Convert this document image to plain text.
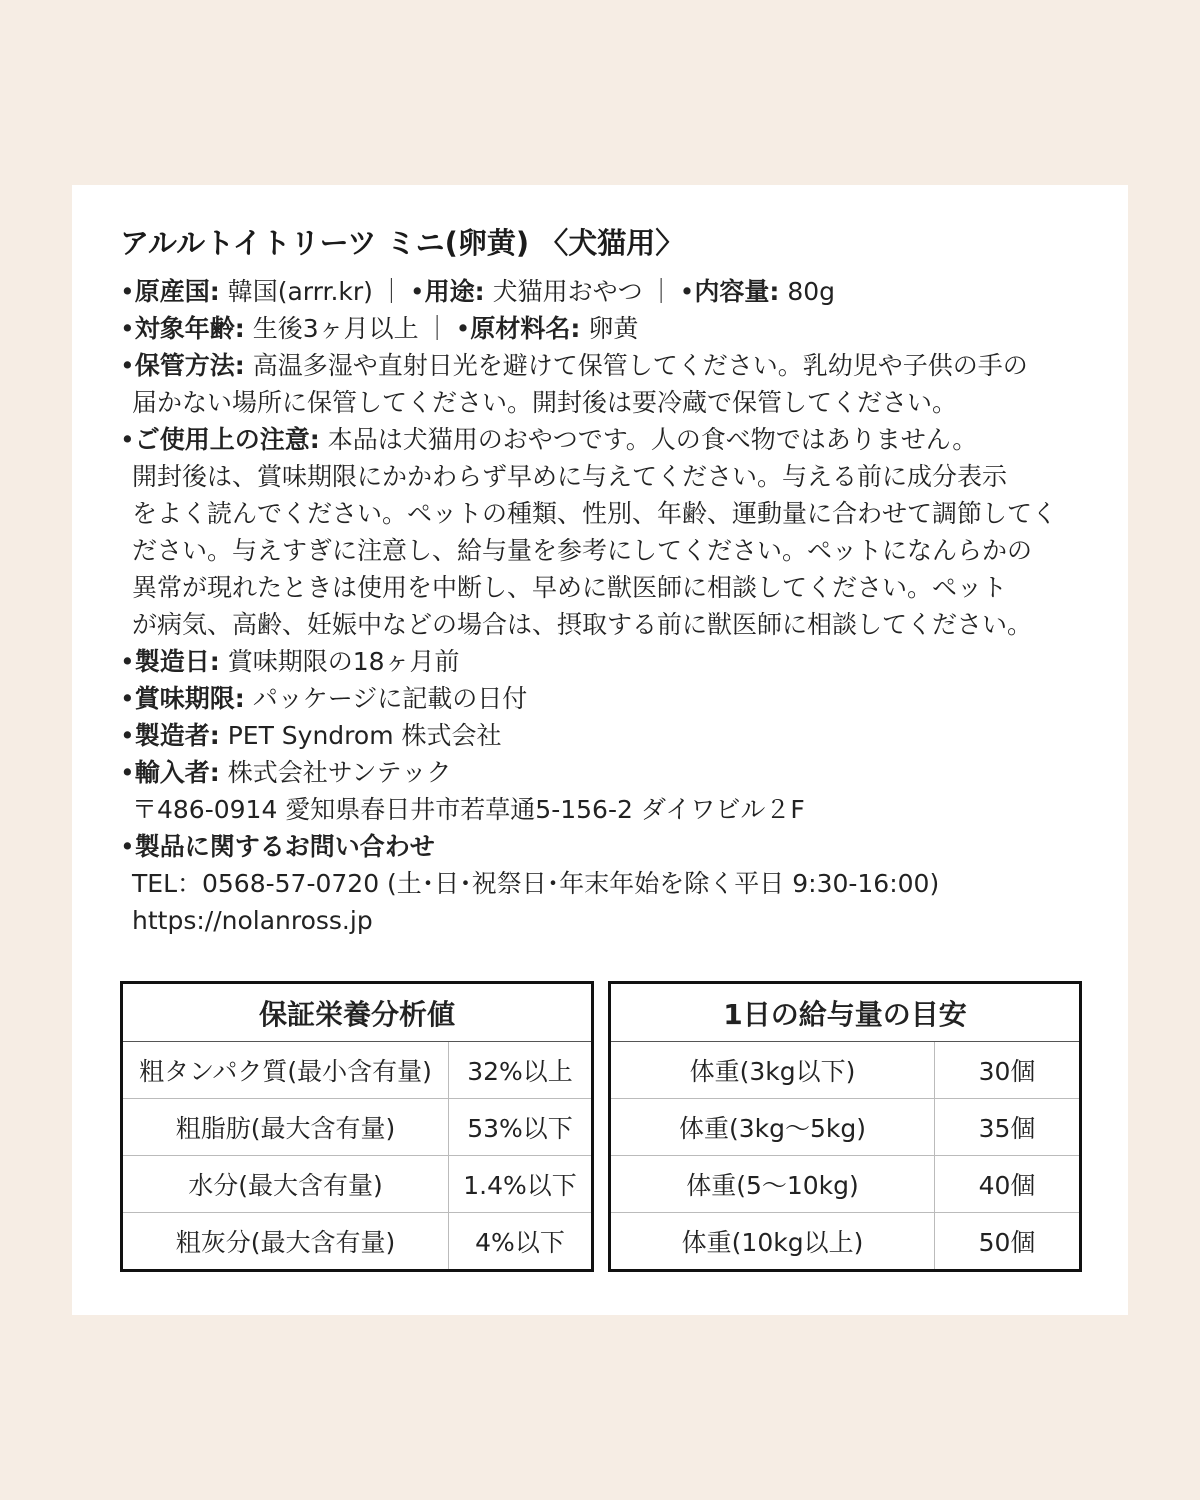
アルルトイトリーツ ミニ(卵黄) 〈犬猫用〉
•原産国: 韓国(arrr.kr) ｜ •用途: 犬猫用おやつ ｜ •内容量: 80g
•対象年齢: 生後3ヶ月以上 ｜ •原材料名: 卵黄
•保管方法: 高温多湿や直射日光を避けて保管してください。乳幼児や子供の手の
届かない場所に保管してください。開封後は要冷蔵で保管してください。
•ご使用上の注意: 本品は犬猫用のおやつです。人の食べ物ではありません。
開封後は、賞味期限にかかわらず早めに与えてください。与える前に成分表示
をよく読んでください。ペットの種類、性別、年齢、運動量に合わせて調節してく
ださい。与えすぎに注意し、給与量を参考にしてください。ペットになんらかの
異常が現れたときは使用を中断し、早めに獣医師に相談してください。ペット
が病気、高齢、妊娠中などの場合は、摂取する前に獣医師に相談してください。
•製造日: 賞味期限の18ヶ月前
•賞味期限: パッケージに記載の日付
•製造者: PET Syndrom 株式会社
•輸入者: 株式会社サンテック
〒486-0914 愛知県春日井市若草通5-156-2 ダイワビル２F
•製品に関するお問い合わせ
TEL：0568-57-0720 (土･日･祝祭日･年末年始を除く平日 9:30-16:00)
https://nolanross.jp
保証栄養分析値	
粗タンパク質(最小含有量)	32%以上
粗脂肪(最大含有量)	53%以下
水分(最大含有量)	1.4%以下
粗灰分(最大含有量)	4%以下
1日の給与量の目安	
体重(3kg以下)	30個
体重(3kg～5kg)	35個
体重(5～10kg)	40個
体重(10kg以上)	50個
